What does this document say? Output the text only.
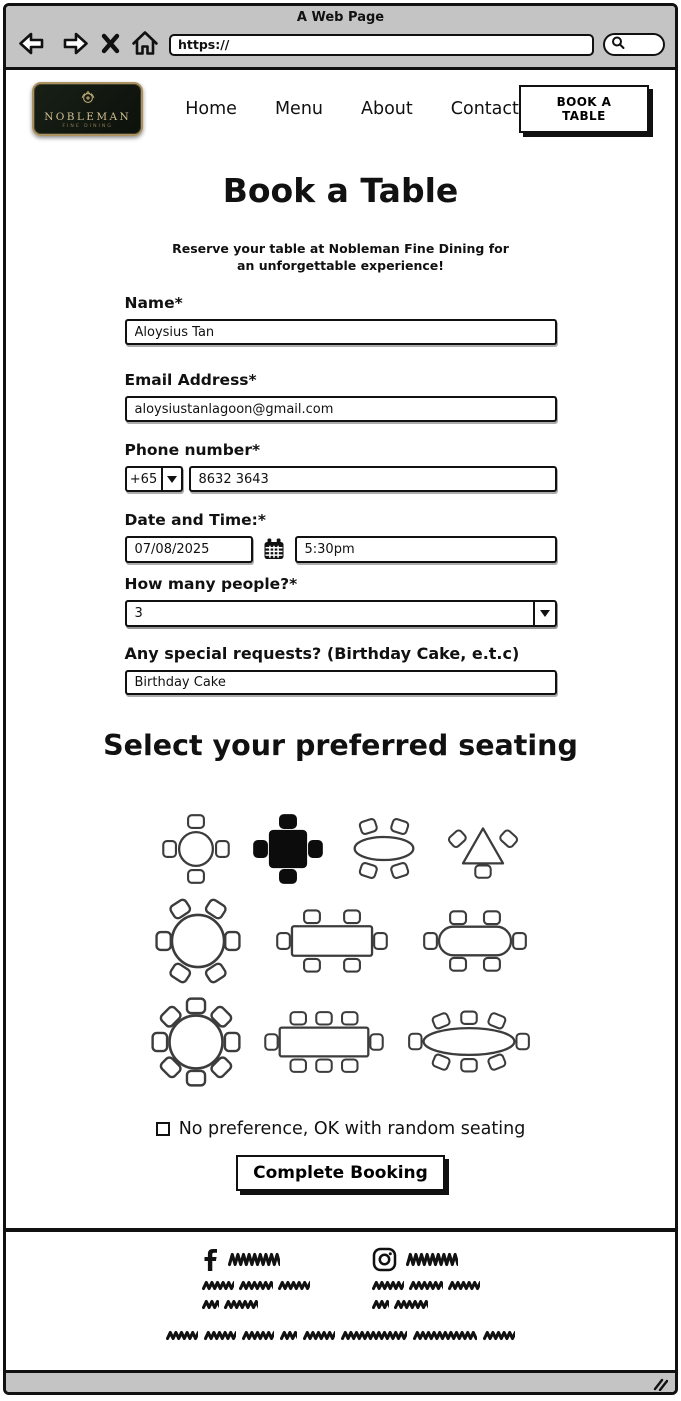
A Web Page
https://
NOBLEMAN
FINE DINING
Home Menu About Contact	BOOK A TABLE
Book a Table
Reserve your table at Nobleman Fine Dining for an unforgettable experience!
Name*
Aloysius Tan
Email Address*
aloysiustanlagoon@gmail.com
Phone number*
+65
8632 3643
Date and Time:*
07/08/2025
5:30pm
How many people?*
3
Any special requests? (Birthday Cake, e.t.c)
Birthday Cake
Select your preferred seating
No preference, OK with random seating
Complete Booking
